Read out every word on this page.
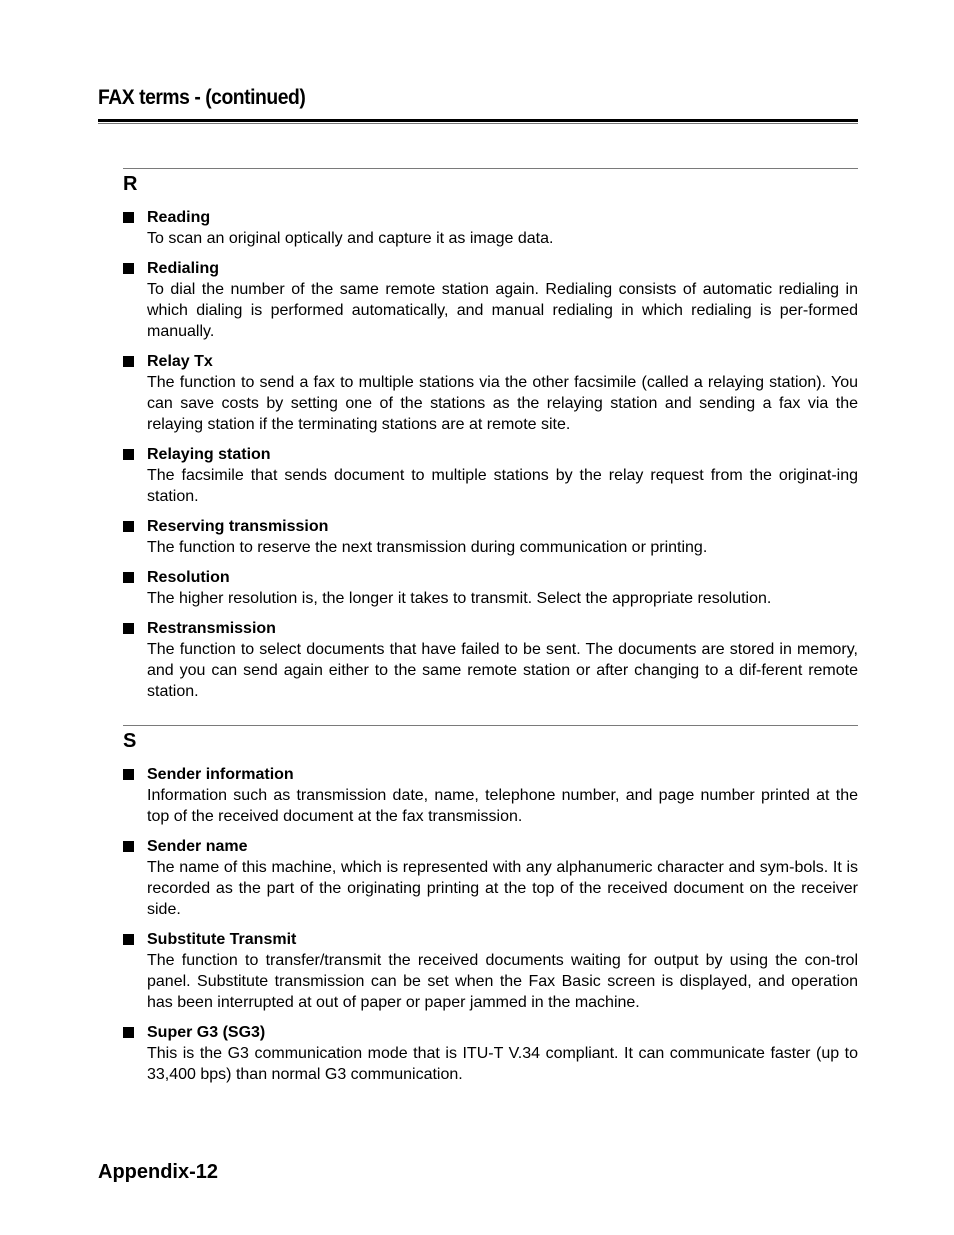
FAX terms - (continued)
R
Reading
To scan an original optically and capture it as image data.
Redialing
To dial the number of the same remote station again. Redialing consists of automatic redialing in which dialing is performed automatically, and manual redialing in which redialing is per-formed manually.
Relay Tx
The function to send a fax to multiple stations via the other facsimile (called a relaying station). You can save costs by setting one of the stations as the relaying station and sending a fax via the relaying station if the terminating stations are at remote site.
Relaying station
The facsimile that sends document to multiple stations by the relay request from the originat-ing station.
Reserving transmission
The function to reserve the next transmission during communication or printing.
Resolution
The higher resolution is, the longer it takes to transmit. Select the appropriate resolution.
Restransmission
The function to select documents that have failed to be sent. The documents are stored in memory, and you can send again either to the same remote station or after changing to a dif-ferent remote station.
S
Sender information
Information such as transmission date, name, telephone number, and page number printed at the top of the received document at the fax transmission.
Sender name
The name of this machine, which is represented with any alphanumeric character and sym-bols. It is recorded as the part of the originating printing at the top of the received document on the receiver side.
Substitute Transmit
The function to transfer/transmit the received documents waiting for output by using the con-trol panel. Substitute transmission can be set when the Fax Basic screen is displayed, and operation has been interrupted at out of paper or paper jammed in the machine.
Super G3 (SG3)
This is the G3 communication mode that is ITU-T V.34 compliant. It can communicate faster (up to 33,400 bps) than normal G3 communication.
Appendix-12
